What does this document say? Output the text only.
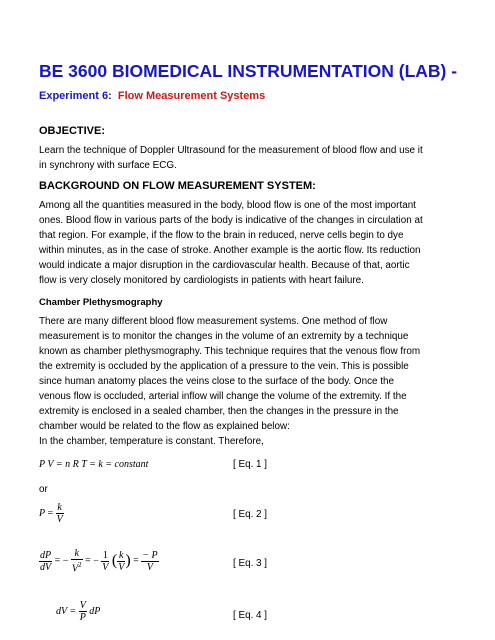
BE 3600 BIOMEDICAL INSTRUMENTATION (LAB) -
Experiment 6: Flow Measurement Systems
OBJECTIVE:
Learn the technique of Doppler Ultrasound for the measurement of blood flow and use it
in synchrony with surface ECG.
BACKGROUND ON FLOW MEASUREMENT SYSTEM:
Among all the quantities measured in the body, blood flow is one of the most important
ones. Blood flow in various parts of the body is indicative of the changes in circulation at
that region. For example, if the flow to the brain in reduced, nerve cells begin to dye
within minutes, as in the case of stroke. Another example is the aortic flow. Its reduction
would indicate a major disruption in the cardiovascular health. Because of that, aortic
flow is very closely monitored by cardiologists in patients with heart failure.
Chamber Plethysmography
There are many different blood flow measurement systems. One method of flow
measurement is to monitor the changes in the volume of an extremity by a technique
known as chamber plethysmography. This technique requires that the venous flow from
the extremity is occluded by the application of a pressure to the vein. This is possible
since human anatomy places the veins close to the surface of the body. Once the
venous flow is occluded, arterial inflow will change the volume of the extremity. If the
extremity is enclosed in a sealed chamber, then the changes in the pressure in the
chamber would be related to the flow as explained below:
In the chamber, temperature is constant. Therefore,
P V = n R T = k = constant	[ Eq. 1 ]
or
$P = \frac{k}{V}$	[ Eq. 2 ]
$\frac{dP}{dV}$ = − $\frac{k}{V^2}$ = − $\frac{1}{V}$ ( $\frac{k}{V}$ ) = $\frac{- P}{V}$	[ Eq. 3 ]
dV = $\frac{V}{P}$ dP	[ Eq. 4 ]
